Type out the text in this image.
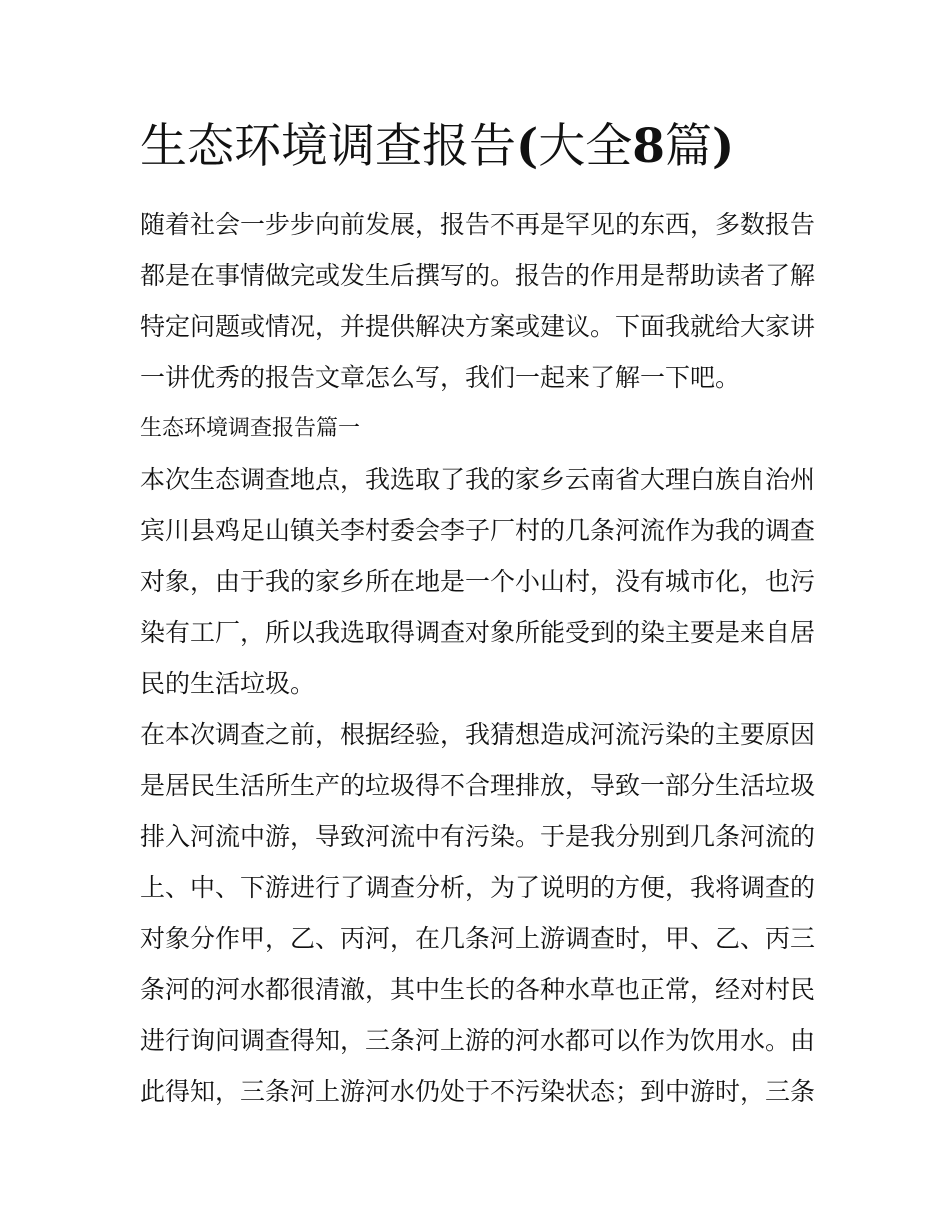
生态环境调查报告(大全8篇)

随着社会一步步向前发展，报告不再是罕见的东西，多数报告

都是在事情做完或发生后撰写的。报告的作用是帮助读者了解

特定问题或情况，并提供解决方案或建议。下面我就给大家讲

一讲优秀的报告文章怎么写，我们一起来了解一下吧。

生态环境调查报告篇一

本次生态调查地点，我选取了我的家乡云南省大理白族自治州

宾川县鸡足山镇关李村委会李子厂村的几条河流作为我的调查

对象，由于我的家乡所在地是一个小山村，没有城市化，也污

染有工厂，所以我选取得调查对象所能受到的染主要是来自居

民的生活垃圾。

在本次调查之前，根据经验，我猜想造成河流污染的主要原因

是居民生活所生产的垃圾得不合理排放，导致一部分生活垃圾

排入河流中游，导致河流中有污染。于是我分别到几条河流的

上、中、下游进行了调查分析，为了说明的方便，我将调查的

对象分作甲，乙、丙河，在几条河上游调查时，甲、乙、丙三

条河的河水都很清澈，其中生长的各种水草也正常，经对村民

进行询问调查得知，三条河上游的河水都可以作为饮用水。由

此得知，三条河上游河水仍处于不污染状态；到中游时，三条
